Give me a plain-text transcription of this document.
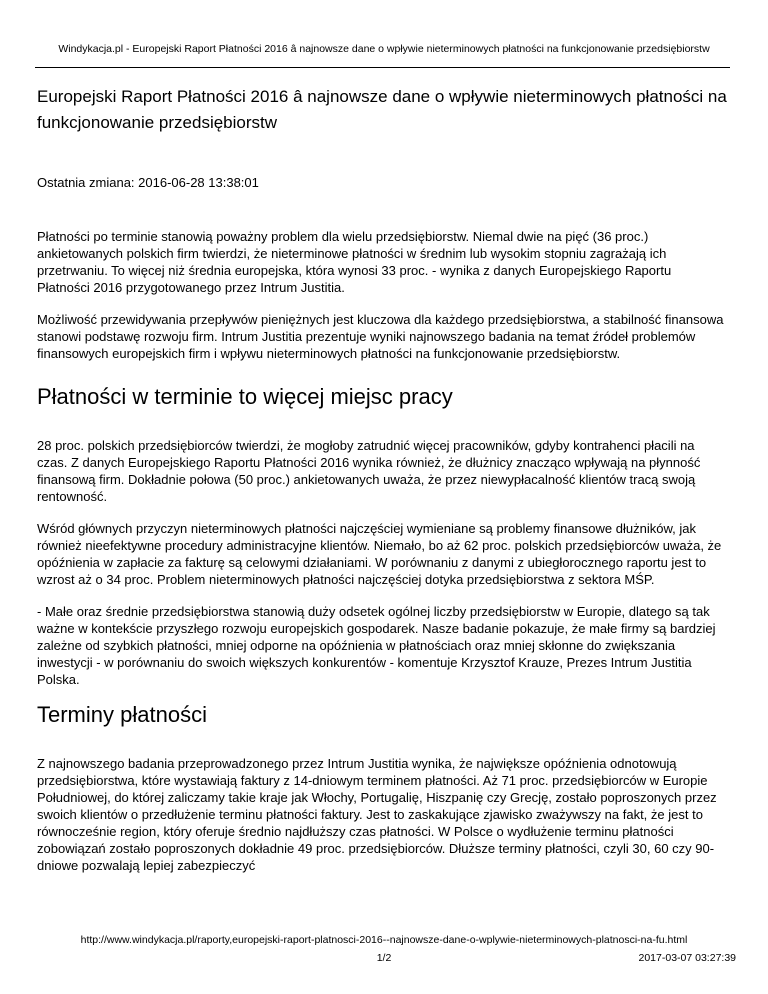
Windykacja.pl - Europejski Raport Płatności 2016 â najnowsze dane o wpływie nieterminowych płatności na funkcjonowanie przedsiębiorstw
Europejski Raport Płatności 2016 â najnowsze dane o wpływie nieterminowych płatności na funkcjonowanie przedsiębiorstw

Ostatnia zmiana: 2016-06-28 13:38:01

Płatności po terminie stanowią poważny problem dla wielu przedsiębiorstw. Niemal dwie na pięć (36 proc.) ankietowanych polskich firm twierdzi, że nieterminowe płatności w średnim lub wysokim stopniu zagrażają ich przetrwaniu. To więcej niż średnia europejska, która wynosi 33 proc. - wynika z danych Europejskiego Raportu Płatności 2016 przygotowanego przez Intrum Justitia.

Możliwość przewidywania przepływów pieniężnych jest kluczowa dla każdego przedsiębiorstwa, a stabilność finansowa stanowi podstawę rozwoju firm. Intrum Justitia prezentuje wyniki najnowszego badania na temat źródeł problemów finansowych europejskich firm i wpływu nieterminowych płatności na funkcjonowanie przedsiębiorstw.

Płatności w terminie to więcej miejsc pracy

28 proc. polskich przedsiębiorców twierdzi, że mogłoby zatrudnić więcej pracowników, gdyby kontrahenci płacili na czas. Z danych Europejskiego Raportu Płatności 2016 wynika również, że dłużnicy znacząco wpływają na płynność finansową firm. Dokładnie połowa (50 proc.) ankietowanych uważa, że przez niewypłacalność klientów tracą swoją rentowność.

Wśród głównych przyczyn nieterminowych płatności najczęściej wymieniane są problemy finansowe dłużników, jak również nieefektywne procedury administracyjne klientów. Niemało, bo aż 62 proc. polskich przedsiębiorców uważa, że opóźnienia w zapłacie za fakturę są celowymi działaniami. W porównaniu z danymi z ubiegłorocznego raportu jest to wzrost aż o 34 proc. Problem nieterminowych płatności najczęściej dotyka przedsiębiorstwa z sektora MŚP.

- Małe oraz średnie przedsiębiorstwa stanowią duży odsetek ogólnej liczby przedsiębiorstw w Europie, dlatego są tak ważne w kontekście przyszłego rozwoju europejskich gospodarek. Nasze badanie pokazuje, że małe firmy są bardziej zależne od szybkich płatności, mniej odporne na opóźnienia w płatnościach oraz mniej skłonne do zwiększania inwestycji - w porównaniu do swoich większych konkurentów - komentuje Krzysztof Krauze, Prezes Intrum Justitia Polska.

Terminy płatności

Z najnowszego badania przeprowadzonego przez Intrum Justitia wynika, że największe opóźnienia odnotowują przedsiębiorstwa, które wystawiają faktury z 14-dniowym terminem płatności. Aż 71 proc. przedsiębiorców w Europie Południowej, do której zaliczamy takie kraje jak Włochy, Portugalię, Hiszpanię czy Grecję, zostało poproszonych przez swoich klientów o przedłużenie terminu płatności faktury. Jest to zaskakujące zjawisko zważywszy na fakt, że jest to równocześnie region, który oferuje średnio najdłuższy czas płatności. W Polsce o wydłużenie terminu płatności zobowiązań zostało poproszonych dokładnie 49 proc. przedsiębiorców. Dłuższe terminy płatności, czyli 30, 60 czy 90-dniowe pozwalają lepiej zabezpieczyć

http://www.windykacja.pl/raporty,europejski-raport-platnosci-2016--najnowsze-dane-o-wplywie-nieterminowych-platnosci-na-fu.html
1/2	2017-03-07 03:27:39
